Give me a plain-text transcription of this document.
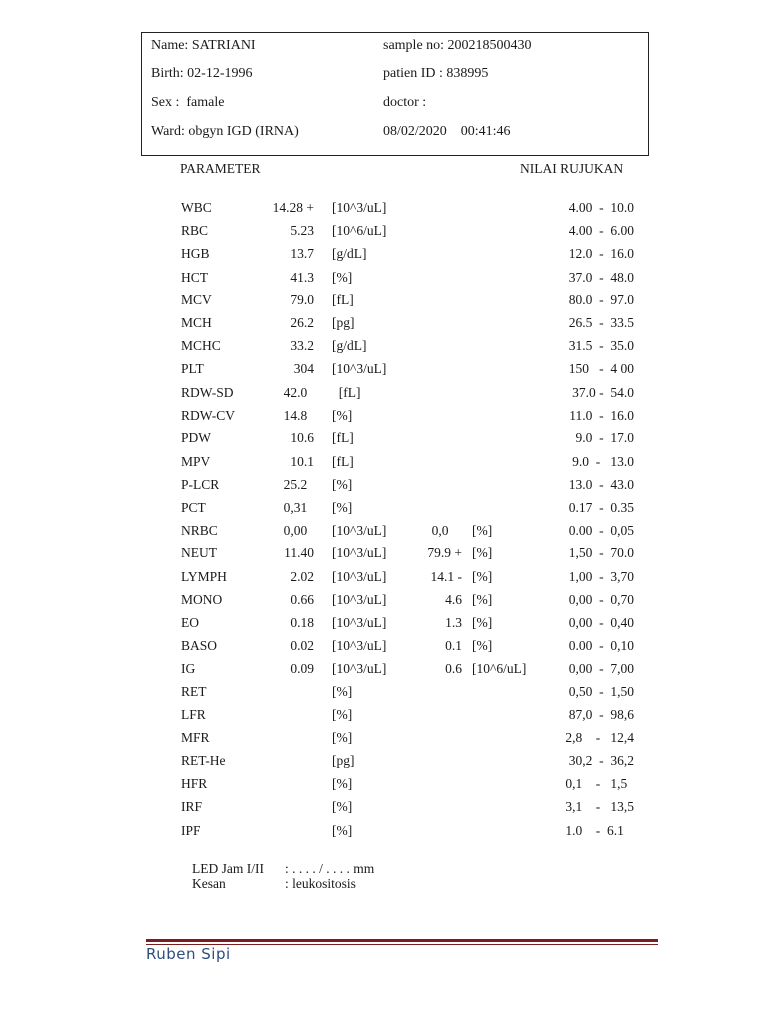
Name: SATRIANI	sample no: 200218500430
Birth: 02-12-1996	patien ID : 838995
Sex :  famale	doctor :
Ward: obgyn IGD (IRNA)	08/02/2020    00:41:46
PARAMETER	NILAI RUJUKAN
WBC	14.28 + [10^3/uL]	4.00  -  10.0
RBC	5.23 [10^6/uL]	4.00  -  6.00
HGB	13.7 [g/dL]	12.0  -  16.0
HCT	41.3 [%]	37.0  -  48.0
MCV	79.0 [fL]	80.0  -  97.0
MCH	26.2 [pg]	26.5  -  33.5
MCHC	33.2 [g/dL]	31.5  -  35.0
PLT	304 [10^3/uL]	150   -  4 00
RDW-SD	42.0 [fL]	37.0 -  54.0
RDW-CV	14.8 [%]	11.0  -  16.0
PDW	10.6 [fL]	9.0  -  17.0
MPV	10.1 [fL]	9.0  -   13.0
P-LCR	25.2 [%]	13.0  -  43.0
PCT	0,31 [%]	0.17  -  0.35
NRBC	0,00 [10^3/uL]	0,0 [%]	0.00  -  0,05
NEUT	11.40 [10^3/uL]	79.9 + [%]	1,50  -  70.0
LYMPH	2.02 [10^3/uL]	14.1 - [%]	1,00  -  3,70
MONO	0.66 [10^3/uL]	4.6 [%]	0,00  -  0,70
EO	0.18 [10^3/uL]	1.3 [%]	0,00  -  0,40
BASO	0.02 [10^3/uL]	0.1 [%]	0.00  -  0,10
IG	0.09 [10^3/uL]	0.6 [10^6/uL]	0,00  -  7,00
RET	[%]	0,50  -  1,50
LFR	[%]	87,0  -  98,6
MFR	[%]	2,8    -   12,4
RET-He	[pg]	30,2  -  36,2
HFR	[%]	0,1    -   1,5
IRF	[%]	3,1    -   13,5
IPF	[%]	1.0    -  6.1
LED Jam I/II : . . . . / . . . . mm
Kesan	: leukositosis
Ruben Sipi
